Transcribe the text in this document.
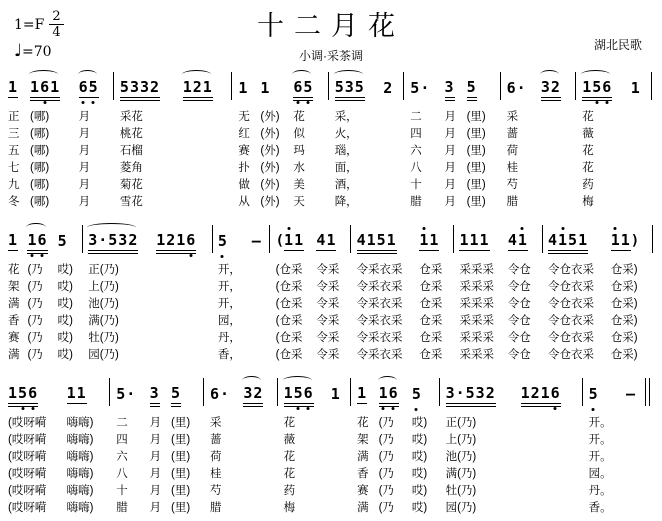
$1=F \frac{2}{4}$
♩=70
十二月花
小调·采茶调
湖北民歌
1	16
1	6
5		5332	121		1	1	6
5		535	2		5·	3	5		6·	32		15
6	1	
正	(哪)	月		采花			无	(外)	花		采，			二	月	(里)		采			花		
三	(哪)	月		桃花			红	(外)	似		火，			四	月	(里)		蔷			薇		
五	(哪)	月		石榴			赛	(外)	玛		瑙，			六	月	(里)		荷			花		
七	(哪)	月		菱角			扑	(外)	水		面，			八	月	(里)		桂			花		
九	(哪)	月		菊花			做	(外)	美		酒，			十	月	(里)		芍			药		
冬	(哪)	月		雪花			从	(外)	天		降，			腊	月	(里)		腊			梅		
1	1
6	5		3·532	1216		5	—		(1
1	41		4151	1
1		111	41		41
51	1
1)	
花	(乃	哎)		正(乃)			开，			(仓采	令采		令采衣采	仓采		采采采	令仓		令仓衣采	仓采)	
架	(乃	哎)		上(乃)			开，			(仓采	令采		令采衣采	仓采		采采采	令仓		令仓衣采	仓采)	
满	(乃	哎)		池(乃)			开，			(仓采	令采		令采衣采	仓采		采采采	令仓		令仓衣采	仓采)	
香	(乃	哎)		满(乃)			园，			(仓采	令采		令采衣采	仓采		采采采	令仓		令仓衣采	仓采)	
赛	(乃	哎)		牡(乃)			丹，			(仓采	令采		令采衣采	仓采		采采采	令仓		令仓衣采	仓采)	
满	(乃	哎)		园(乃)			香，			(仓采	令采		令采衣采	仓采		采采采	令仓		令仓衣采	仓采)	
15
6	11		5·	3	5		6·	32		15
6	1		1	1
6	5		3·532	1216		5	—	
(哎呀嗬	嗨嗨)		二	月	(里)		采			花			花	(乃	哎)		正(乃)			开。		
(哎呀嗬	嗨嗨)		四	月	(里)		蔷			薇			架	(乃	哎)		上(乃)			开。		
(哎呀嗬	嗨嗨)		六	月	(里)		荷			花			满	(乃	哎)		池(乃)			开。		
(哎呀嗬	嗨嗨)		八	月	(里)		桂			花			香	(乃	哎)		满(乃)			园。		
(哎呀嗬	嗨嗨)		十	月	(里)		芍			药			赛	(乃	哎)		牡(乃)			丹。		
(哎呀嗬	嗨嗨)		腊	月	(里)		腊			梅			满	(乃	哎)		园(乃)			香。		
